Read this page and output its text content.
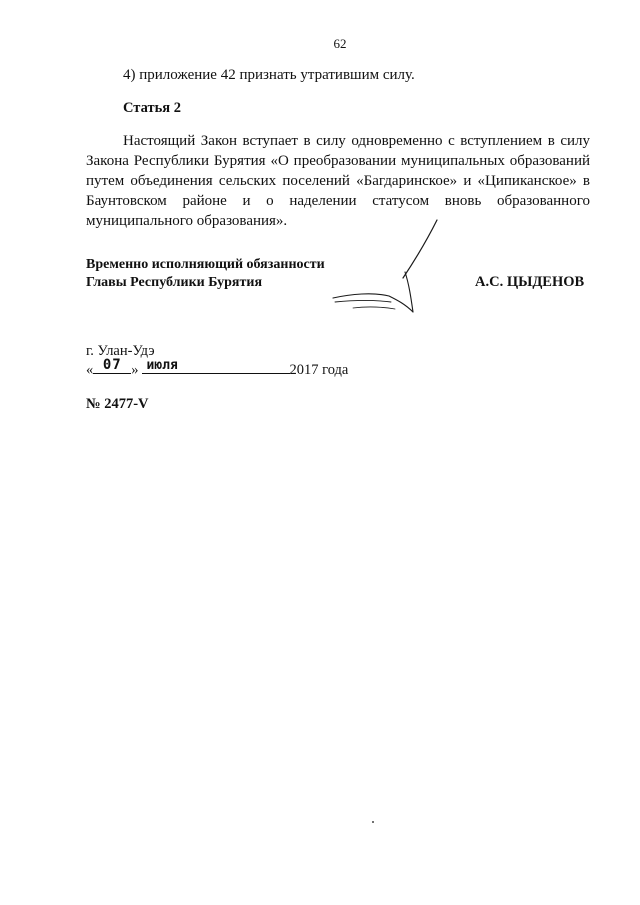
62
4) приложение 42 признать утратившим силу.
Статья 2
Настоящий Закон вступает в силу одновременно с вступлением в силу Закона Республики Бурятия «О преобразовании муниципальных образований путем объединения сельских поселений «Багдаринское» и «Ципиканское» в Баунтовском районе и о наделении статусом вновь образованного муниципального образования».
Временно исполняющий обязанности
Главы Республики Бурятия	А.С. ЦЫДЕНОВ
г. Улан-Удэ
« 07 » июля	2017 года
№ 2477-V
